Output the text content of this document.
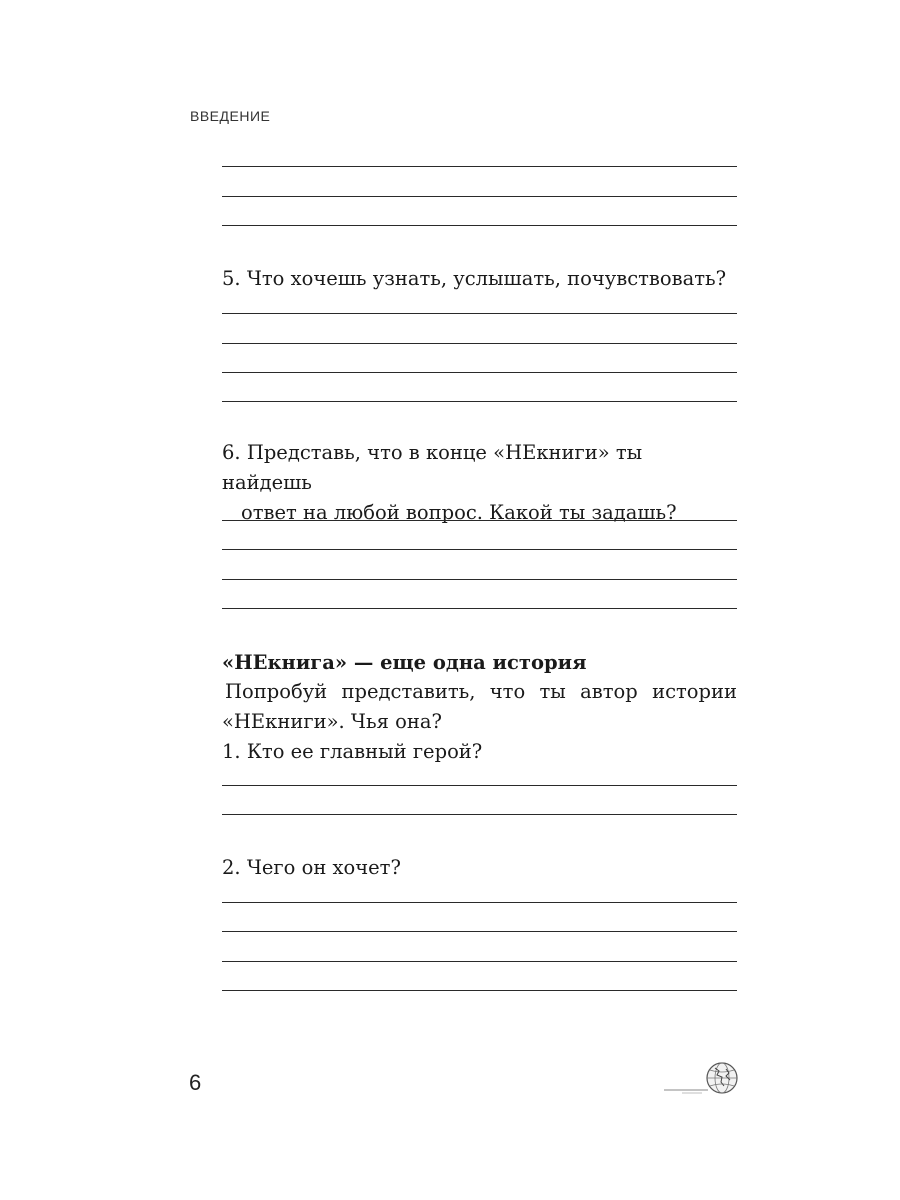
ВВЕДЕНИЕ
5. Что хочешь узнать, услышать, почувствовать?
6. Представь, что в конце «НЕкниги» ты найдешь
ответ на любой вопрос. Какой ты задашь?
«НЕкнига» — еще одна история
Попробуй представить, что ты автор истории «НЕкниги». Чья она?
1. Кто ее главный герой?
2. Чего он хочет?
6
